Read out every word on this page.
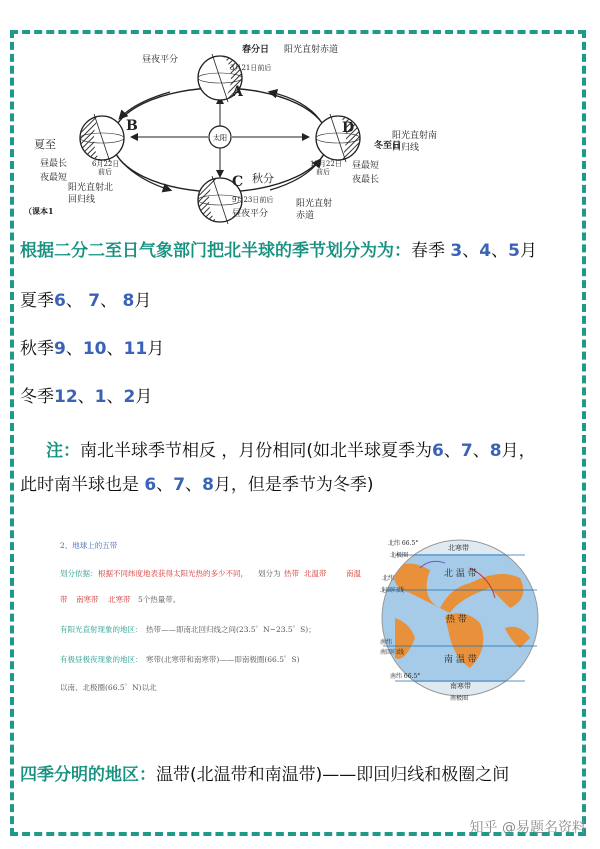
太阳
昼夜平分
春分日 阳光直射赤道
3月21日前后
A
B
C
D
夏至
昼最长
夜最短
6月22日
前后
阳光直射北
回归线
冬至日
12月22日
前后
阳光直射南
回归线
昼最短
夜最长
秋分
9月23日前后
昼夜平分
阳光直射
赤道
（课本1
根据二分二至日气象部门把北半球的季节划分为为：春季 3、4、5月
夏季6、 7、 8月
秋季9、10、11月
冬季12、1、2月
注：南北半球季节相反 ，月份相同(如北半球夏季为6、7、8月，
此时南半球也是 6、7、8月，但是季节为冬季)
2、地球上的五带
划分依据： 根据不同纬度地表获得太阳光热的多少不同， 划分为 热带 北温带	南温
带 南寒带 北寒带 5个热量带。
有阳光直射现象的地区： 热带——即南北回归线之间(23.5゜N~23.5゜S)；
有极昼极夜现象的地区： 寒带(北寒带和南寒带)——即南极圈(66.5゜S)
以南、北极圈(66.5゜N)以北
北寒带
北纬 66.5°
北极圈
北 温 带
北纬
北回归线
热 带
南 温 带
南纬
南回归线
南纬 66.5°
南寒带
南极圈
四季分明的地区：温带(北温带和南温带)——即回归线和极圈之间
知乎 @易题名资料
